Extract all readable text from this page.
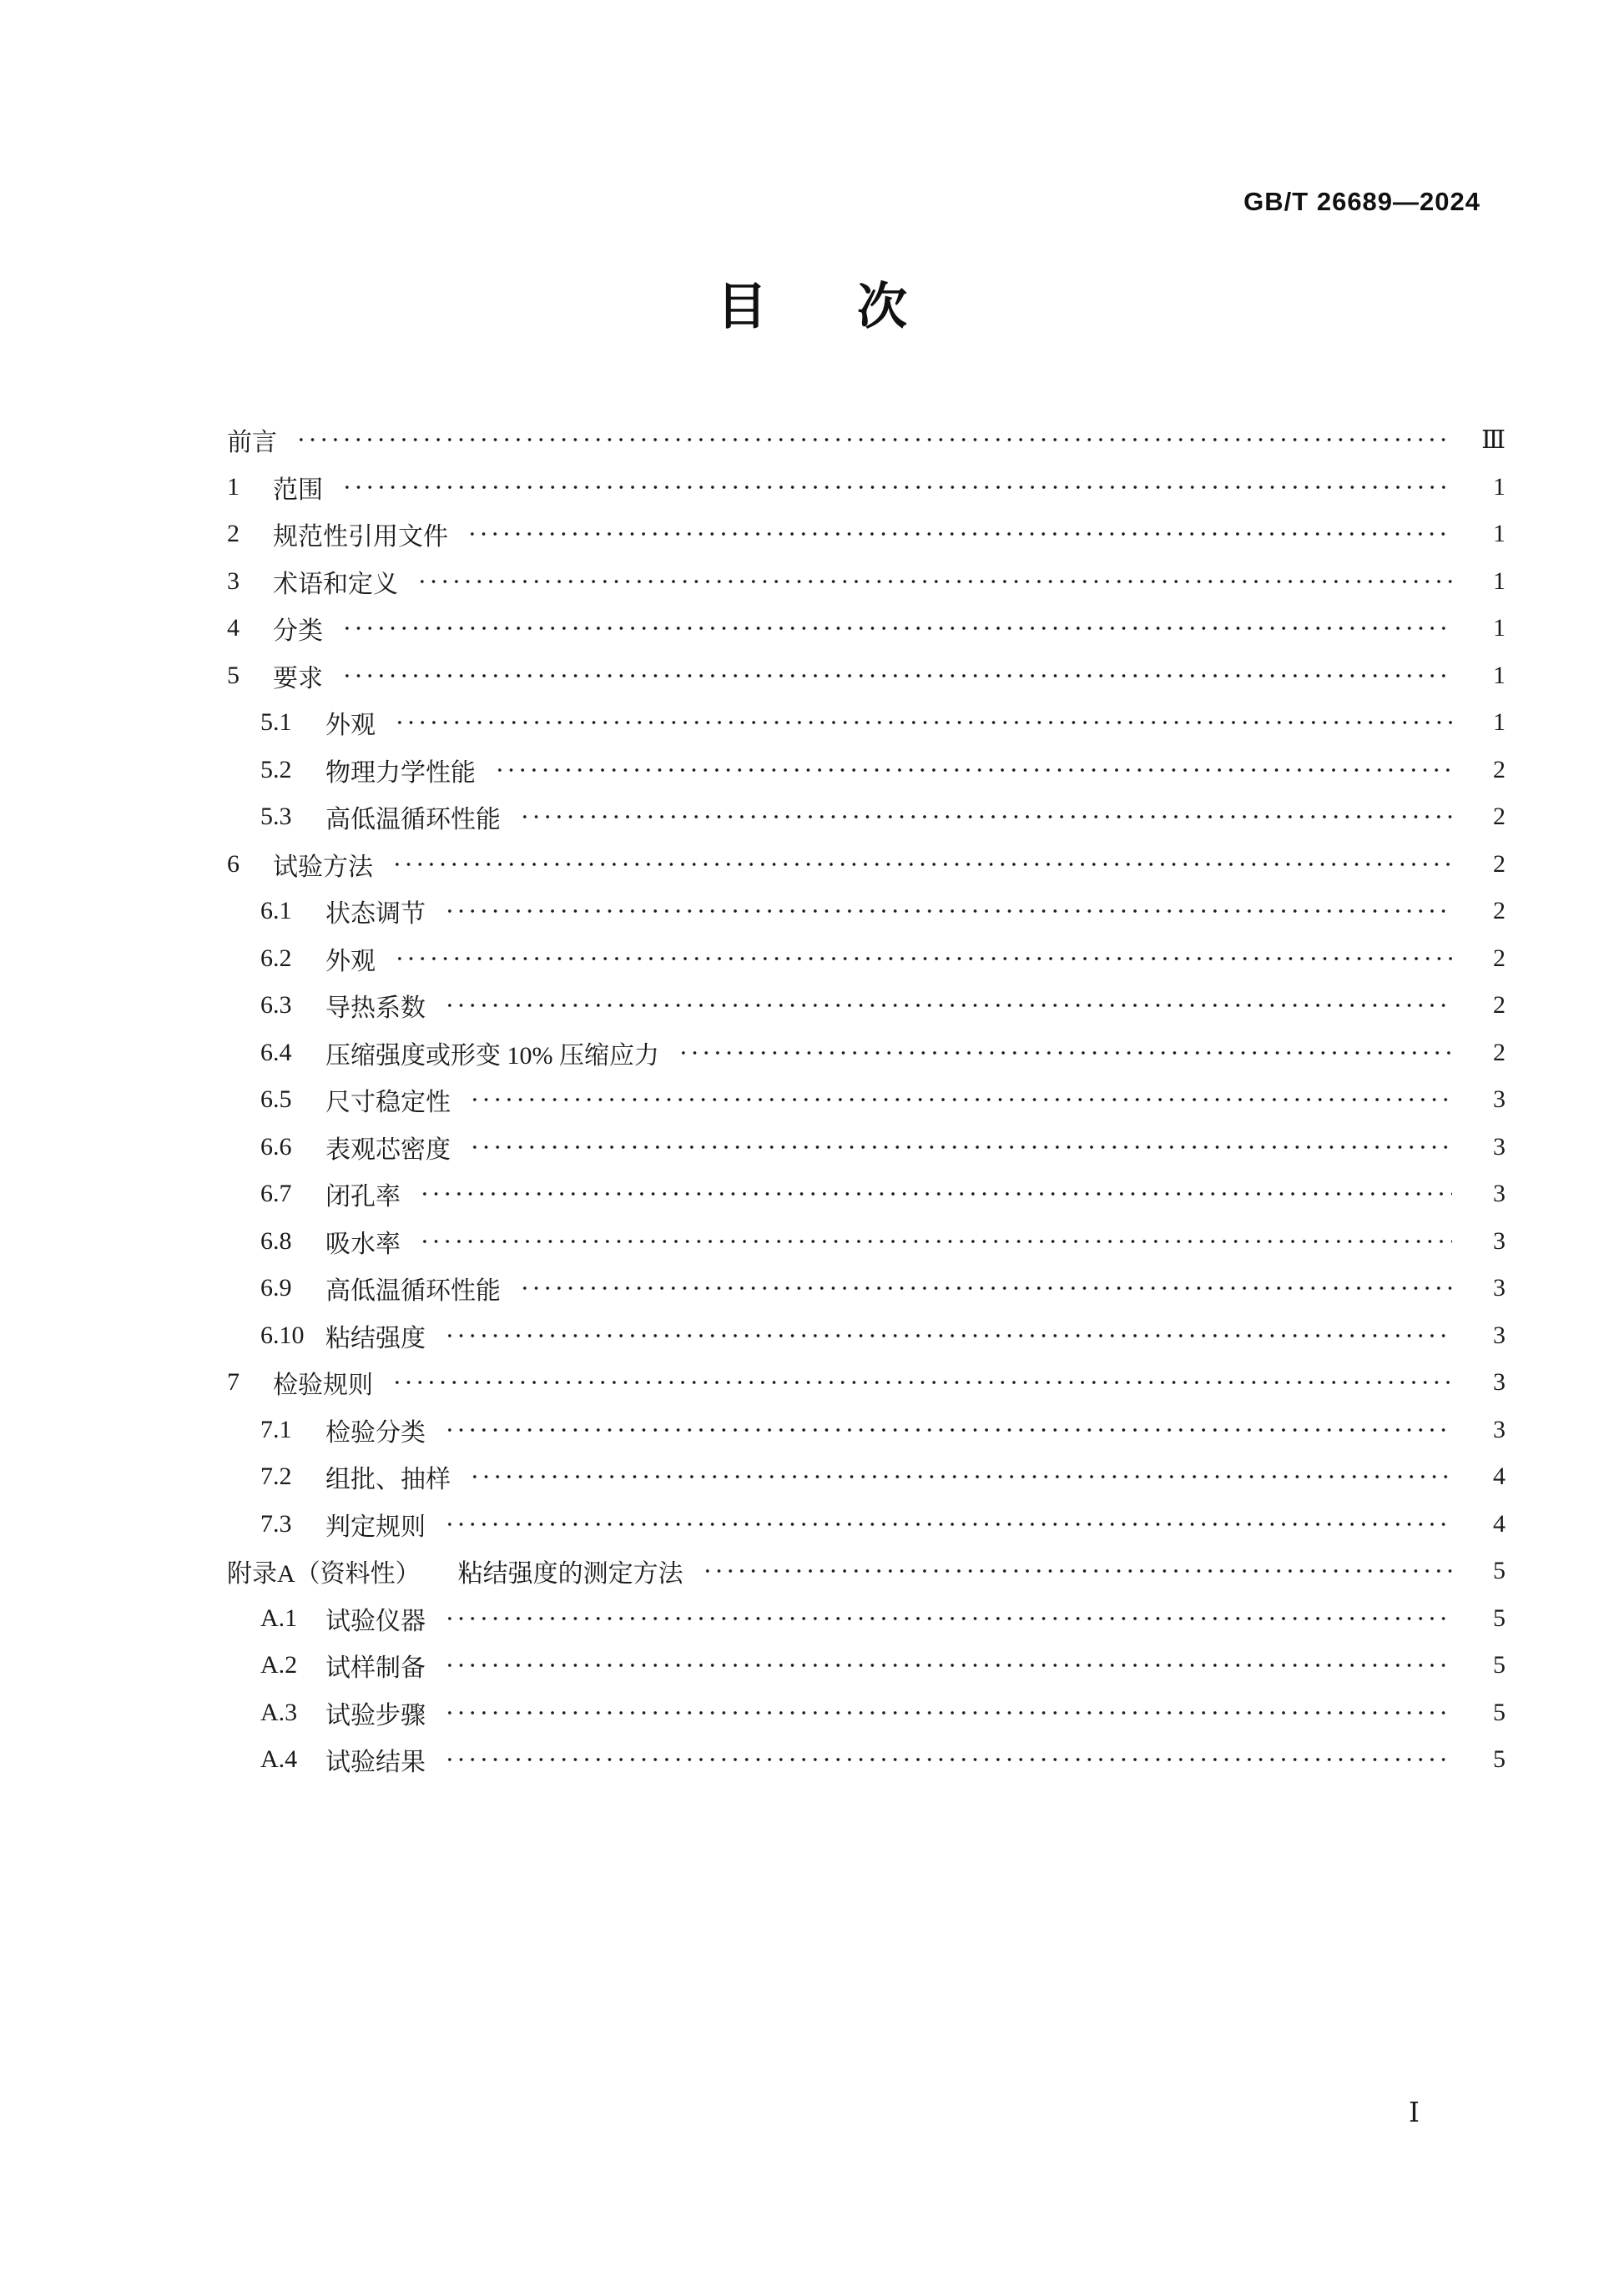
GB/T 26689—2024
目 次
前言	Ⅲ
1	范围	1
2	规范性引用文件	1
3	术语和定义	1
4	分类	1
5	要求	1
5.1	外观	1
5.2	物理力学性能	2
5.3	高低温循环性能	2
6	试验方法	2
6.1	状态调节	2
6.2	外观	2
6.3	导热系数	2
6.4	压缩强度或形变 10% 压缩应力	2
6.5	尺寸稳定性	3
6.6	表观芯密度	3
6.7	闭孔率	3
6.8	吸水率	3
6.9	高低温循环性能	3
6.10 粘结强度	3
7	检验规则	3
7.1	检验分类	3
7.2	组批、抽样	4
7.3	判定规则	4
附录A（资料性）　　粘结强度的测定方法	5
A.1	试验仪器	5
A.2	试样制备	5
A.3	试验步骤	5
A.4	试验结果	5
Ⅰ
